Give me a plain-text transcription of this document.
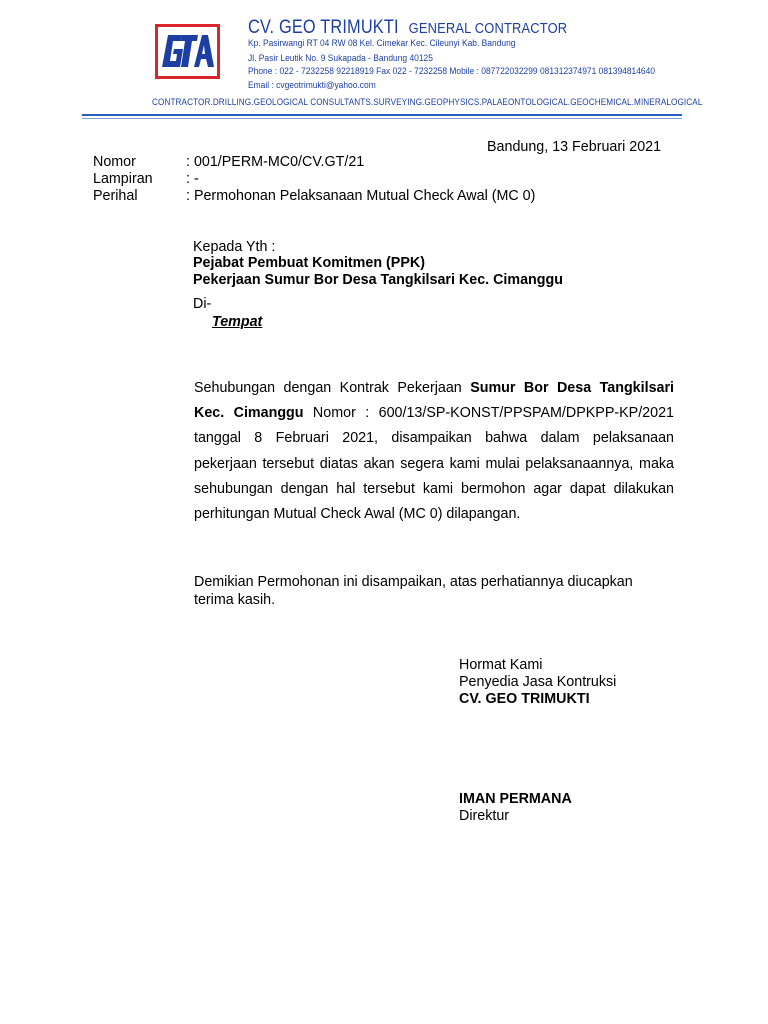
CV. GEO TRIMUKTI GENERAL CONTRACTOR
Kp. Pasirwangi RT 04 RW 08 Kel. Cimekar Kec. Cileunyi Kab. Bandung
Jl. Pasir Leutik No. 9 Sukapada - Bandung 40125
Phone : 022 - 7232258 92218919 Fax 022 - 7232258 Mobile : 087722032299 081312374971 081394814640
Email : cvgeotrimukti@yahoo.com
CONTRACTOR.DRILLING.GEOLOGICAL CONSULTANTS.SURVEYING.GEOPHYSICS.PALAEONTOLOGICAL.GEOCHEMICAL.MINERALOGICAL
Bandung, 13 Februari 2021
Nomor	: 001/PERM-MC0/CV.GT/21
Lampiran : -
Perihal	: Permohonan Pelaksanaan Mutual Check Awal (MC 0)
Kepada Yth :
Pejabat Pembuat Komitmen (PPK)
Pekerjaan Sumur Bor Desa Tangkilsari Kec. Cimanggu
Di-
Tempat
Sehubungan dengan Kontrak Pekerjaan Sumur Bor Desa Tangkilsari Kec. Cimanggu Nomor : 600/13/SP-KONST/PPSPAM/DPKPP-KP/2021 tanggal 8 Februari 2021, disampaikan bahwa dalam pelaksanaan pekerjaan tersebut diatas akan segera kami mulai pelaksanaannya, maka sehubungan dengan hal tersebut kami bermohon agar dapat dilakukan perhitungan Mutual Check Awal (MC 0) dilapangan.
Demikian Permohonan ini disampaikan, atas perhatiannya diucapkan terima kasih.
Hormat Kami
Penyedia Jasa Kontruksi
CV. GEO TRIMUKTI
IMAN PERMANA
Direktur
